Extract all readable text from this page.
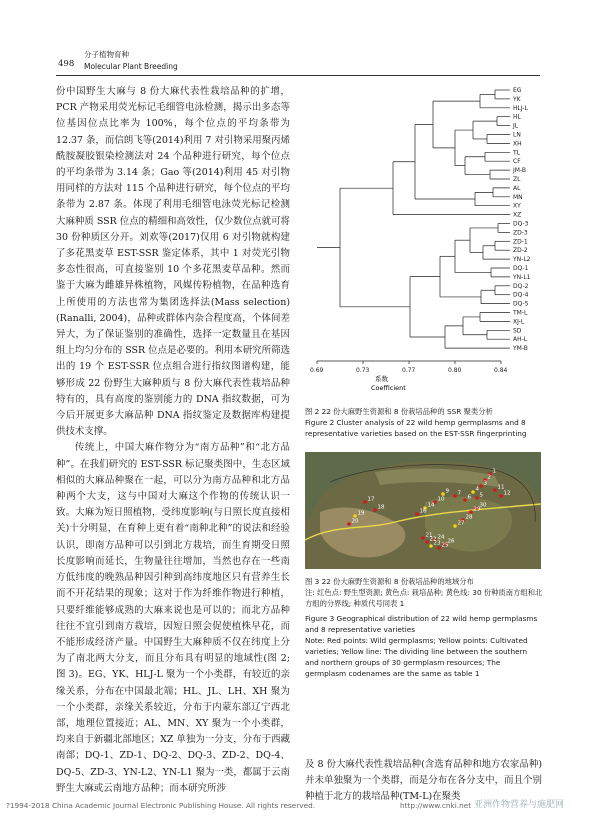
498
分子植物育种
Molecular Plant Breeding

份中国野生大麻与 8 份大麻代表性栽培品种的扩增，PCR 产物采用荧光标记毛细管电泳检测，揭示出多态等位基因位点比率为 100%，每个位点的平均条带为 12.37 条，而信朗飞等(2014)利用 7 对引物采用聚丙烯酰胺凝胶银染检测法对 24 个品种进行研究，每个位点的平均条带为 3.14 条；Gao 等(2014)利用 45 对引物用同样的方法对 115 个品种进行研究，每个位点的平均条带为 2.87 条。体现了利用毛细管电泳荧光标记检测大麻种质 SSR 位点的精细和高效性，仅少数位点就可将 30 份种质区分开。刘欢等(2017)仅用 6 对引物就构建了多花黑麦草 EST-SSR 鉴定体系，其中 1 对荧光引物多态性很高，可直接鉴别 10 个多花黑麦草品种。然而鉴于大麻为雌雄异株植物，风媒传粉植物，在品种选育上所使用的方法也常为集团选择法(Mass selection) (Ranalli, 2004)，品种或群体内杂合程度高，个体间差异大，为了保证鉴别的准确性，选择一定数量且在基因组上均匀分布的 SSR 位点是必要的。利用本研究所筛选出的 19 个 EST-SSR 位点组合进行指纹图谱构建，能够形成 22 份野生大麻种质与 8 份大麻代表性栽培品种特有的，具有高度的鉴别能力的 DNA 指纹数据，可为今后开展更多大麻品种 DNA 指纹鉴定及数据库构建提供技术支撑。

传统上，中国大麻作物分为“南方品种”和“北方品种”。在我们研究的 EST-SSR 标记聚类图中，生态区域相似的大麻品种聚在一起，可以分为南方品种和北方品种两个大支，这与中国对大麻这个作物的传统认识一致。大麻为短日照植物，受纬度影响(与日照长度直接相关)十分明显，在育种上更有着“南种北种”的说法和经验认识，即南方品种可以引到北方栽培，而生育期受日照长度影响而延长，生物量往往增加，当然也存在一些南方低纬度的晚熟品种因引种到高纬度地区只有营养生长而不开花结果的现象；这对于作为纤维作物进行种植，只要纤维能够成熟的大麻来说也是可以的；而北方品种往往不宜引到南方栽培，因短日照会促使植株早花，而不能形成经济产量。中国野生大麻种质不仅在纬度上分为了南北两大分支，而且分布具有明显的地域性(图 2; 图 3)。EG、YK、HLJ-L 聚为一个小类群，有较近的亲缘关系，分布在中国最北端；HL、JL、LH、XH 聚为一个小类群，亲缘关系较近，分布于内蒙东部辽宁西北部，地理位置接近；AL、MN、XY 聚为一个小类群，均来自于新疆北部地区；XZ 单独为一分支，分布于西藏南部；DQ-1、ZD-1、DQ-2、DQ-3、ZD-2、DQ-4、DQ-5、ZD-3、YN-L2、YN-L1 聚为一类，都属于云南野生大麻或云南地方品种；而本研究所涉

EG
YK
HLJ-L
HL
JL
LN
XH
TL
CF
JM-B
ZL
AL
MN
XY
XZ
DQ-3
ZD-3
ZD-1
ZD-2
YN-L2
DQ-1
YN-L1
DQ-2
DQ-4
DQ-5
TM-L
XJ-L
SD
AH-L
YM-B
0.69	0.73	0.77	0.80	0.84
系数
Coefficient

图 2 22 份大麻野生资源和 8 份栽培品种的 SSR 聚类分析

Figure 2 Cluster analysis of 22 wild hemp germplasms and 8 representative varieties based on the EST-SSR fingerprinting

1
2
3
4
5
6
7
9
10
11
12
14
16
17
18
19
20
21
22
23
24
25
26
27
28
29
30

图 3 22 份大麻野生资源和 8 份栽培品种的地域分布

注: 红色点: 野生型资源; 黄色点: 栽培品种; 黄色线: 30 份种质南方组和北方组的分界线; 种质代号同表 1

Figure 3 Geographical distribution of 22 wild hemp germplasms and 8 representative varieties

Note: Red points: Wild germplasms; Yellow points: Cultivated varieties; Yellow line: The dividing line between the southern and northern groups of 30 germplasm resources; The germplasm codenames are the same as table 1

及 8 份大麻代表性栽培品种(含选育品种和地方农家品种)并未单独聚为一个类群，而是分布在各分支中，而且个别种植于北方的栽培品种(TM-L)在聚类
?1994-2018 China Academic Journal Electronic Publishing House. All rights reserved.	http://www.cnki.net 亚洲作物营养与施肥网
